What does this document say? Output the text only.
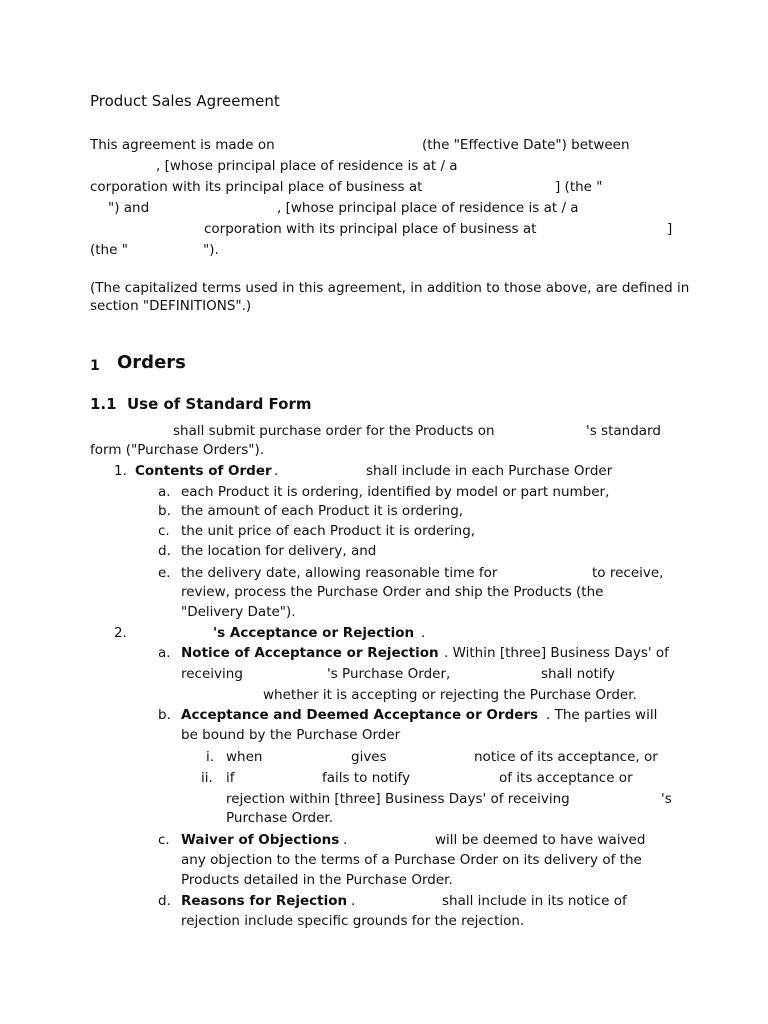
Product Sales Agreement
This agreement is made on	(the "Effective Date") between
, [whose principal place of residence is at / a
corporation with its principal place of business at	] (the "
") and	, [whose principal place of residence is at / a
corporation with its principal place of business at	]
(the "	").
(The capitalized terms used in this agreement, in addition to those above, are defined in
section "DEFINITIONS".)
1 Orders
1.1 Use of Standard Form
shall submit purchase order for the Products on	's standard
form ("Purchase Orders").
1. Contents of Order .	shall include in each Purchase Order
a. each Product it is ordering, identified by model or part number,
b. the amount of each Product it is ordering,
c. the unit price of each Product it is ordering,
d. the location for delivery, and
e. the delivery date, allowing reasonable time for	to receive,
review, process the Purchase Order and ship the Products (the
"Delivery Date").
2.	's Acceptance or Rejection .
a. Notice of Acceptance or Rejection . Within [three] Business Days' of
receiving	's Purchase Order,	shall notify
whether it is accepting or rejecting the Purchase Order.
b. Acceptance and Deemed Acceptance or Orders . The parties will
be bound by the Purchase Order
i. when	gives	notice of its acceptance, or
ii. if	fails to notify	of its acceptance or
rejection within [three] Business Days' of receiving	's
Purchase Order.
c. Waiver of Objections .	will be deemed to have waived
any objection to the terms of a Purchase Order on its delivery of the
Products detailed in the Purchase Order.
d. Reasons for Rejection .	shall include in its notice of
rejection include specific grounds for the rejection.
